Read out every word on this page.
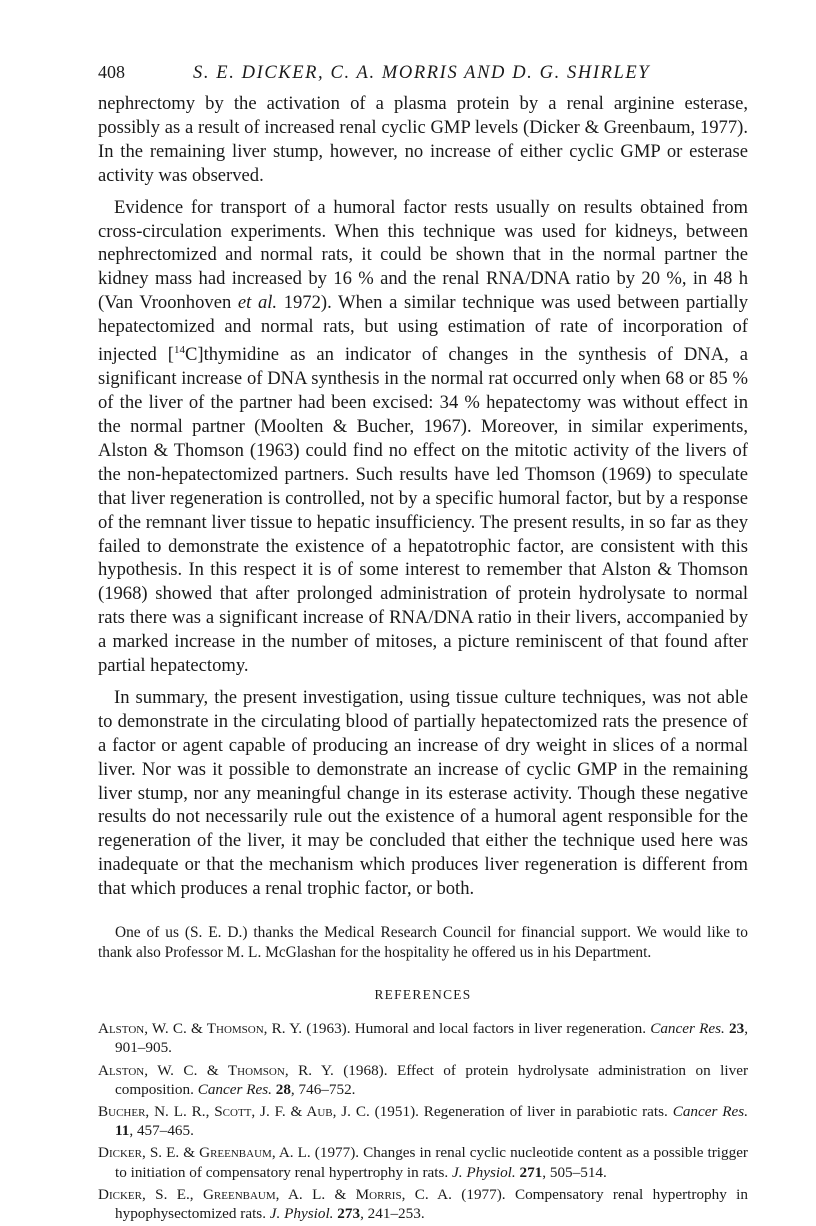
408	S. E. DICKER, C. A. MORRIS AND D. G. SHIRLEY

nephrectomy by the activation of a plasma protein by a renal arginine esterase, possibly as a result of increased renal cyclic GMP levels (Dicker & Greenbaum, 1977). In the remaining liver stump, however, no increase of either cyclic GMP or esterase activity was observed.

Evidence for transport of a humoral factor rests usually on results obtained from cross-circulation experiments. When this technique was used for kidneys, between nephrectomized and normal rats, it could be shown that in the normal partner the kidney mass had increased by 16 % and the renal RNA/DNA ratio by 20 %, in 48 h (Van Vroonhoven et al. 1972). When a similar technique was used between partially hepatectomized and normal rats, but using estimation of rate of incorporation of injected [$^{14}$C]thymidine as an indicator of changes in the synthesis of DNA, a significant increase of DNA synthesis in the normal rat occurred only when 68 or 85 % of the liver of the partner had been excised: 34 % hepatectomy was without effect in the normal partner (Moolten & Bucher, 1967). Moreover, in similar experiments, Alston & Thomson (1963) could find no effect on the mitotic activity of the livers of the non-hepatectomized partners. Such results have led Thomson (1969) to speculate that liver regeneration is controlled, not by a specific humoral factor, but by a response of the remnant liver tissue to hepatic insufficiency. The present results, in so far as they failed to demonstrate the existence of a hepatotrophic factor, are consistent with this hypothesis. In this respect it is of some interest to remember that Alston & Thomson (1968) showed that after prolonged administration of protein hydrolysate to normal rats there was a significant increase of RNA/DNA ratio in their livers, accompanied by a marked increase in the number of mitoses, a picture reminiscent of that found after partial hepatectomy.

In summary, the present investigation, using tissue culture techniques, was not able to demonstrate in the circulating blood of partially hepatectomized rats the presence of a factor or agent capable of producing an increase of dry weight in slices of a normal liver. Nor was it possible to demonstrate an increase of cyclic GMP in the remaining liver stump, nor any meaningful change in its esterase activity. Though these negative results do not necessarily rule out the existence of a humoral agent responsible for the regeneration of the liver, it may be concluded that either the technique used here was inadequate or that the mechanism which produces liver regeneration is different from that which produces a renal trophic factor, or both.

One of us (S. E. D.) thanks the Medical Research Council for financial support. We would like to thank also Professor M. L. McGlashan for the hospitality he offered us in his Department.

REFERENCES
Alston, W. C. & Thomson, R. Y. (1963). Humoral and local factors in liver regeneration. Cancer Res. 23, 901–905.
Alston, W. C. & Thomson, R. Y. (1968). Effect of protein hydrolysate administration on liver composition. Cancer Res. 28, 746–752.
Bucher, N. L. R., Scott, J. F. & Aub, J. C. (1951). Regeneration of liver in parabiotic rats. Cancer Res. 11, 457–465.
Dicker, S. E. & Greenbaum, A. L. (1977). Changes in renal cyclic nucleotide content as a possible trigger to initiation of compensatory renal hypertrophy in rats. J. Physiol. 271, 505–514.
Dicker, S. E., Greenbaum, A. L. & Morris, C. A. (1977). Compensatory renal hypertrophy in hypophysectomized rats. J. Physiol. 273, 241–253.
